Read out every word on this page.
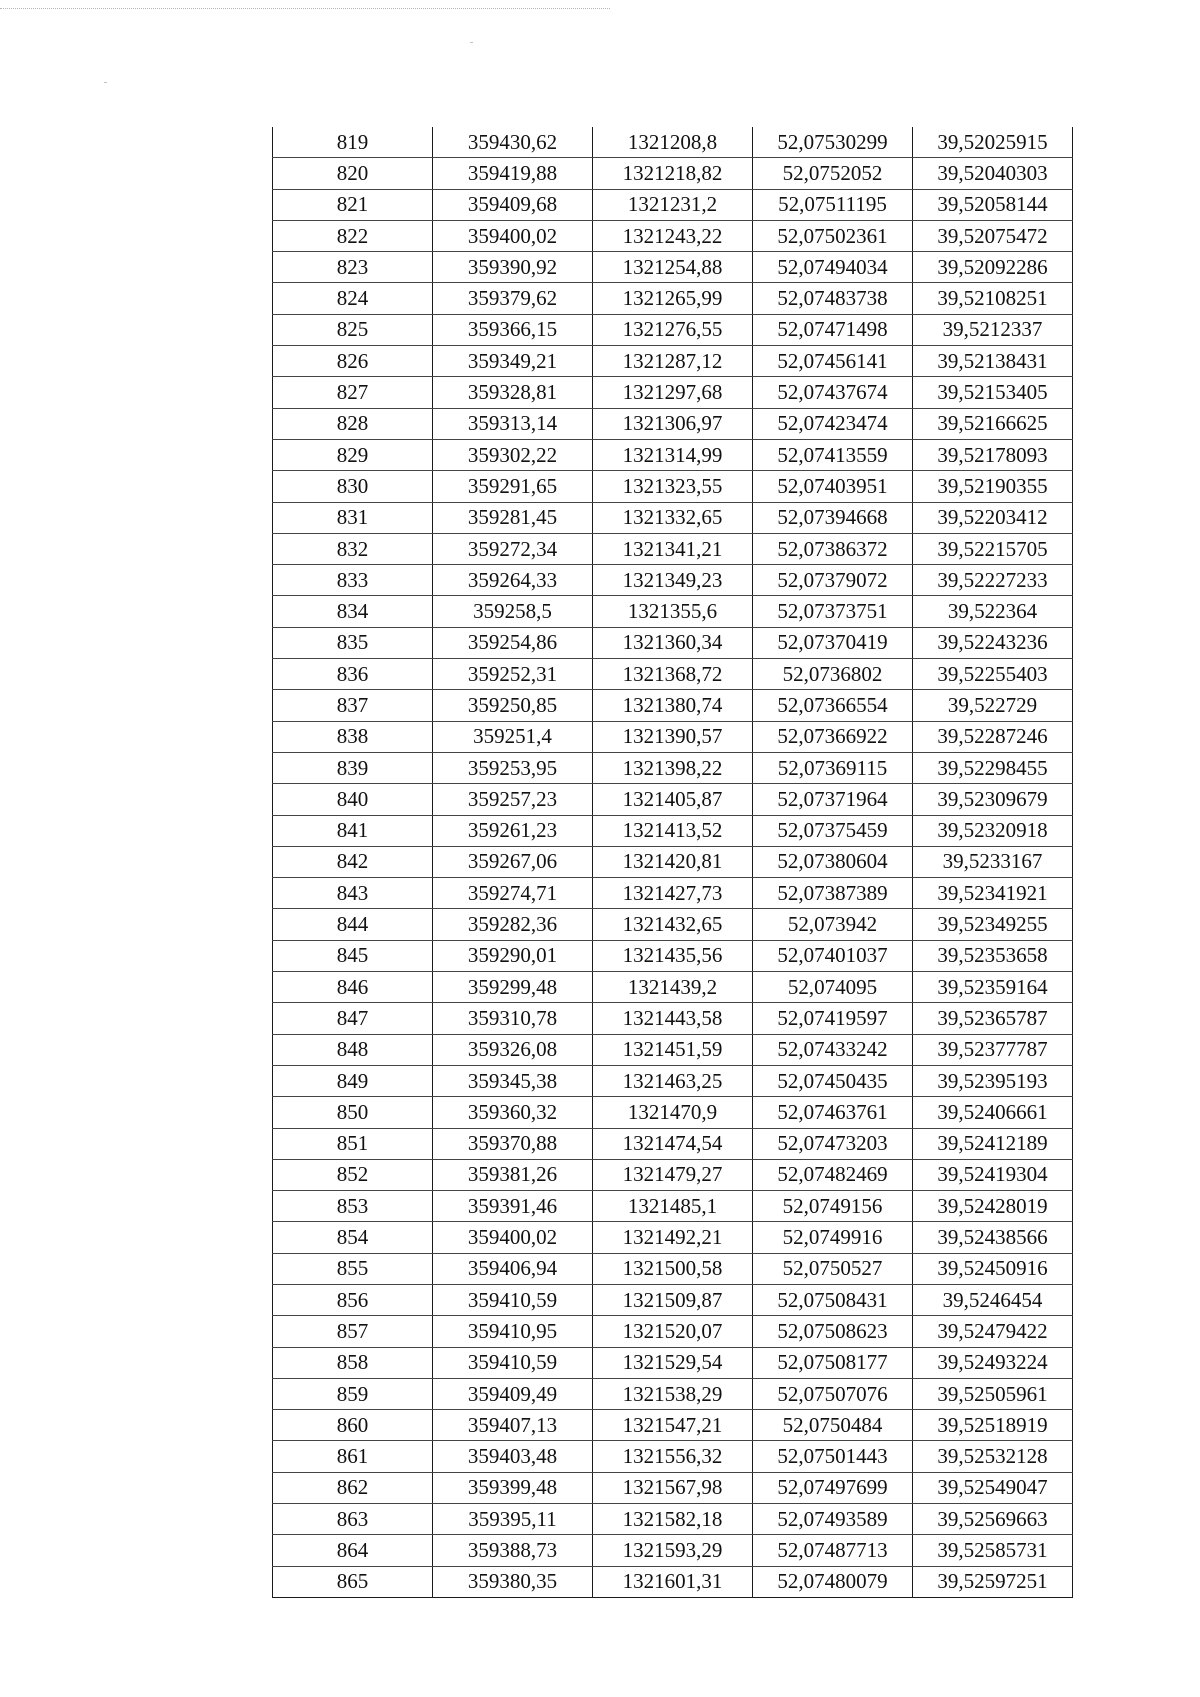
819	359430,62	1321208,8	52,07530299	39,52025915
820	359419,88	1321218,82	52,0752052	39,52040303
821	359409,68	1321231,2	52,07511195	39,52058144
822	359400,02	1321243,22	52,07502361	39,52075472
823	359390,92	1321254,88	52,07494034	39,52092286
824	359379,62	1321265,99	52,07483738	39,52108251
825	359366,15	1321276,55	52,07471498	39,5212337
826	359349,21	1321287,12	52,07456141	39,52138431
827	359328,81	1321297,68	52,07437674	39,52153405
828	359313,14	1321306,97	52,07423474	39,52166625
829	359302,22	1321314,99	52,07413559	39,52178093
830	359291,65	1321323,55	52,07403951	39,52190355
831	359281,45	1321332,65	52,07394668	39,52203412
832	359272,34	1321341,21	52,07386372	39,52215705
833	359264,33	1321349,23	52,07379072	39,52227233
834	359258,5	1321355,6	52,07373751	39,522364
835	359254,86	1321360,34	52,07370419	39,52243236
836	359252,31	1321368,72	52,0736802	39,52255403
837	359250,85	1321380,74	52,07366554	39,522729
838	359251,4	1321390,57	52,07366922	39,52287246
839	359253,95	1321398,22	52,07369115	39,52298455
840	359257,23	1321405,87	52,07371964	39,52309679
841	359261,23	1321413,52	52,07375459	39,52320918
842	359267,06	1321420,81	52,07380604	39,5233167
843	359274,71	1321427,73	52,07387389	39,52341921
844	359282,36	1321432,65	52,073942	39,52349255
845	359290,01	1321435,56	52,07401037	39,52353658
846	359299,48	1321439,2	52,074095	39,52359164
847	359310,78	1321443,58	52,07419597	39,52365787
848	359326,08	1321451,59	52,07433242	39,52377787
849	359345,38	1321463,25	52,07450435	39,52395193
850	359360,32	1321470,9	52,07463761	39,52406661
851	359370,88	1321474,54	52,07473203	39,52412189
852	359381,26	1321479,27	52,07482469	39,52419304
853	359391,46	1321485,1	52,0749156	39,52428019
854	359400,02	1321492,21	52,0749916	39,52438566
855	359406,94	1321500,58	52,0750527	39,52450916
856	359410,59	1321509,87	52,07508431	39,5246454
857	359410,95	1321520,07	52,07508623	39,52479422
858	359410,59	1321529,54	52,07508177	39,52493224
859	359409,49	1321538,29	52,07507076	39,52505961
860	359407,13	1321547,21	52,0750484	39,52518919
861	359403,48	1321556,32	52,07501443	39,52532128
862	359399,48	1321567,98	52,07497699	39,52549047
863	359395,11	1321582,18	52,07493589	39,52569663
864	359388,73	1321593,29	52,07487713	39,52585731
865	359380,35	1321601,31	52,07480079	39,52597251
